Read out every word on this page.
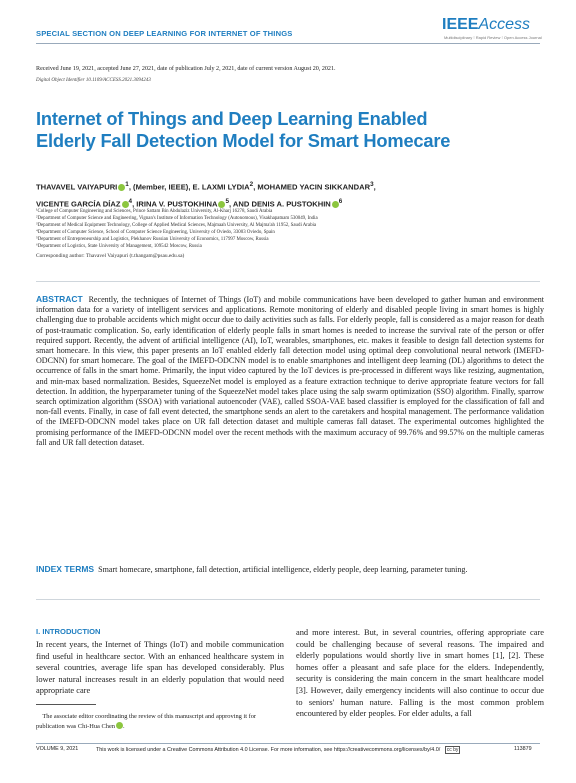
SPECIAL SECTION ON DEEP LEARNING FOR INTERNET OF THINGS
IEEEAccess
Multidisciplinary ⁝ Rapid Review ⁝ Open Access Journal
Received June 19, 2021, accepted June 27, 2021, date of publication July 2, 2021, date of current version August 20, 2021.
Digital Object Identifier 10.1109/ACCESS.2021.3094243
Internet of Things and Deep Learning Enabled
Elderly Fall Detection Model for Smart Homecare
THAVAVEL VAIYAPURI $^1$, (Member, IEEE), E. LAXMI LYDIA$^2$, MOHAMED YACIN SIKKANDAR$^3$,
VICENTE GARCÍA DÍAZ $^4$, IRINA V. PUSTOKHINA $^5$, AND DENIS A. PUSTOKHIN $^6$
¹College of Computer Engineering and Sciences, Prince Sattam Bin Abdulaziz University, Al-Kharj 16278, Saudi Arabia
²Department of Computer Science and Engineering, Vignan's Institute of Information Technology (Autonomous), Visakhapatnam 530049, India
³Department of Medical Equipment Technology, College of Applied Medical Sciences, Majmaah University, Al Majma'ah 11952, Saudi Arabia
⁴Department of Computer Science, School of Computer Science Engineering, University of Oviedo, 33003 Oviedo, Spain
⁵Department of Entrepreneurship and Logistics, Plekhanov Russian University of Economics, 117997 Moscow, Russia
⁶Department of Logistics, State University of Management, 109542 Moscow, Russia
Corresponding author: Thavavel Vaiyapuri (t.thangam@psau.edu.sa)
ABSTRACT Recently, the techniques of Internet of Things (IoT) and mobile communications have been developed to gather human and environment information data for a variety of intelligent services and applications. Remote monitoring of elderly and disabled people living in smart homes is highly challenging due to probable accidents which might occur due to daily activities such as falls. For elderly people, fall is considered as a major reason for death of post-traumatic complication. So, early identification of elderly people falls in smart homes is needed to increase the survival rate of the person or offer required support. Recently, the advent of artificial intelligence (AI), IoT, wearables, smartphones, etc. makes it feasible to design fall detection systems for smart homecare. In this view, this paper presents an IoT enabled elderly fall detection model using optimal deep convolutional neural network (IMEFD-ODCNN) for smart homecare. The goal of the IMEFD-ODCNN model is to enable smartphones and intelligent deep learning (DL) algorithms to detect the occurrence of falls in the smart home. Primarily, the input video captured by the IoT devices is pre-processed in different ways like resizing, augmentation, and min-max based normalization. Besides, SqueezeNet model is employed as a feature extraction technique to derive appropriate feature vectors for fall detection. In addition, the hyperparameter tuning of the SqueezeNet model takes place using the salp swarm optimization (SSO) algorithm. Finally, sparrow search optimization algorithm (SSOA) with variational autoencoder (VAE), called SSOA-VAE based classifier is employed for the classification of fall and non-fall events. Finally, in case of fall event detected, the smartphone sends an alert to the caretakers and hospital management. The performance validation of the IMEFD-ODCNN model takes place on UR fall detection dataset and multiple cameras fall dataset. The experimental outcomes highlighted the promising performance of the IMEFD-ODCNN model over the recent methods with the maximum accuracy of 99.76% and 99.57% on the multiple cameras fall and UR fall detection dataset.
INDEX TERMS Smart homecare, smartphone, fall detection, artificial intelligence, elderly people, deep learning, parameter tuning.
I. INTRODUCTION
In recent years, the Internet of Things (IoT) and mobile communication find useful in healthcare sector. With an enhanced healthcare system in several countries, average life span has developed considerably. Plus lower natural increases result in an elderly population that would need appropriate care
and more interest. But, in several countries, offering appropriate care could be challenging because of several reasons. The impaired and elderly populations would shortly live in smart homes [1], [2]. These homes offer a pleasant and safe place for the elders. Independently, security is considering the main concern in the smart healthcare model [3]. However, daily emergency incidents will also continue to occur due to seniors' human nature. Falling is the most common problem encountered by elder peoples. For elder adults, a fall
The associate editor coordinating the review of this manuscript and approving it for publication was Chi-Hua Chen .
VOLUME 9, 2021	This work is licensed under a Creative Commons Attribution 4.0 License. For more information, see https://creativecommons.org/licenses/by/4.0/ cc by	113879
